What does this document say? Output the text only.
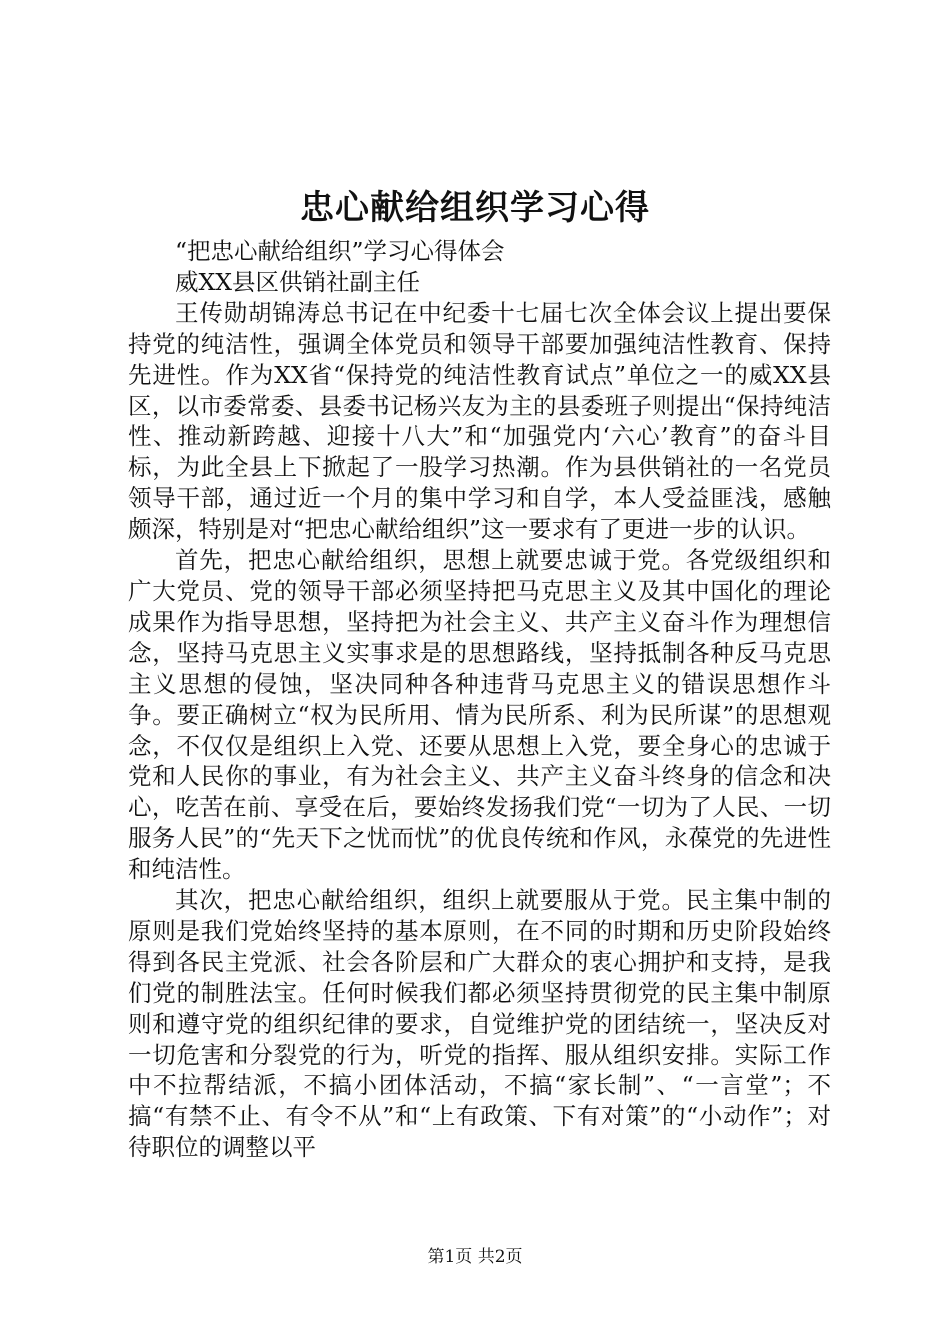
忠心献给组织学习心得

“把忠心献给组织”学习心得体会

威XX县区供销社副主任

王传勋胡锦涛总书记在中纪委十七届七次全体会议上提出要保持党的纯洁性，强调全体党员和领导干部要加强纯洁性教育、保持先进性。作为XX省“保持党的纯洁性教育试点”单位之一的威XX县区，以市委常委、县委书记杨兴友为主的县委班子则提出“保持纯洁性、推动新跨越、迎接十八大”和“加强党内‘六心’教育”的奋斗目标，为此全县上下掀起了一股学习热潮。作为县供销社的一名党员领导干部，通过近一个月的集中学习和自学，本人受益匪浅，感触颇深，特别是对“把忠心献给组织”这一要求有了更进一步的认识。

首先，把忠心献给组织，思想上就要忠诚于党。各党级组织和广大党员、党的领导干部必须坚持把马克思主义及其中国化的理论成果作为指导思想，坚持把为社会主义、共产主义奋斗作为理想信念，坚持马克思主义实事求是的思想路线，坚持抵制各种反马克思主义思想的侵蚀，坚决同种各种违背马克思主义的错误思想作斗争。要正确树立“权为民所用、情为民所系、利为民所谋”的思想观念，不仅仅是组织上入党、还要从思想上入党，要全身心的忠诚于党和人民你的事业，有为社会主义、共产主义奋斗终身的信念和决心，吃苦在前、享受在后，要始终发扬我们党“一切为了人民、一切服务人民”的“先天下之忧而忧”的优良传统和作风，永葆党的先进性和纯洁性。

其次，把忠心献给组织，组织上就要服从于党。民主集中制的原则是我们党始终坚持的基本原则，在不同的时期和历史阶段始终得到各民主党派、社会各阶层和广大群众的衷心拥护和支持，是我们党的制胜法宝。任何时候我们都必须坚持贯彻党的民主集中制原则和遵守党的组织纪律的要求，自觉维护党的团结统一，坚决反对一切危害和分裂党的行为，听党的指挥、服从组织安排。实际工作中不拉帮结派，不搞小团体活动，不搞“家长制”、“一言堂”；不搞“有禁不止、有令不从”和“上有政策、下有对策”的“小动作”；对待职位的调整以平

第1页 共2页
